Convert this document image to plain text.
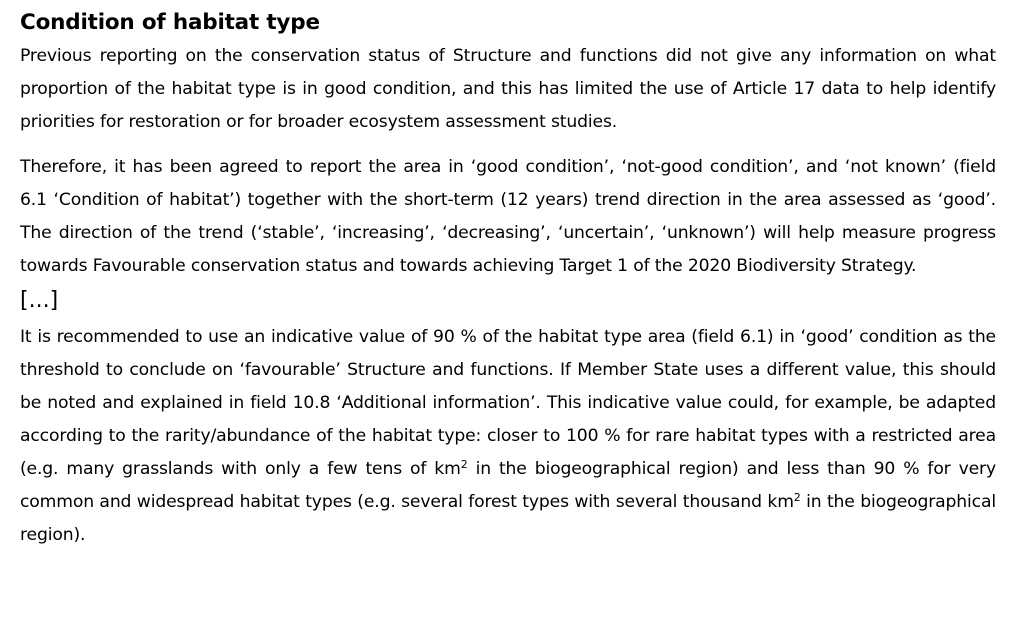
Condition of habitat type

Previous reporting on the conservation status of Structure and functions did not give any information on what proportion of the habitat type is in good condition, and this has limited the use of Article 17 data to help identify priorities for restoration or for broader ecosystem assessment studies.

Therefore, it has been agreed to report the area in ‘good condition’, ‘not-good condition’, and ‘not known’ (field 6.1 ‘Condition of habitat’) together with the short-term (12 years) trend direction in the area assessed as ‘good’. The direction of the trend (‘stable’, ‘increasing’, ‘decreasing’, ‘uncertain’, ‘unknown’) will help measure progress towards Favourable conservation status and towards achieving Target 1 of the 2020 Biodiversity Strategy.

[...]

It is recommended to use an indicative value of 90 % of the habitat type area (field 6.1) in ‘good’ condition as the threshold to conclude on ‘favourable’ Structure and functions. If Member State uses a different value, this should be noted and explained in field 10.8 ‘Additional information’. This indicative value could, for example, be adapted according to the rarity/abundance of the habitat type: closer to 100 % for rare habitat types with a restricted area (e.g. many grasslands with only a few tens of $km^2$ in the biogeographical region) and less than 90 % for very common and widespread habitat types (e.g. several forest types with several thousand $km^2$ in the biogeographical region).
